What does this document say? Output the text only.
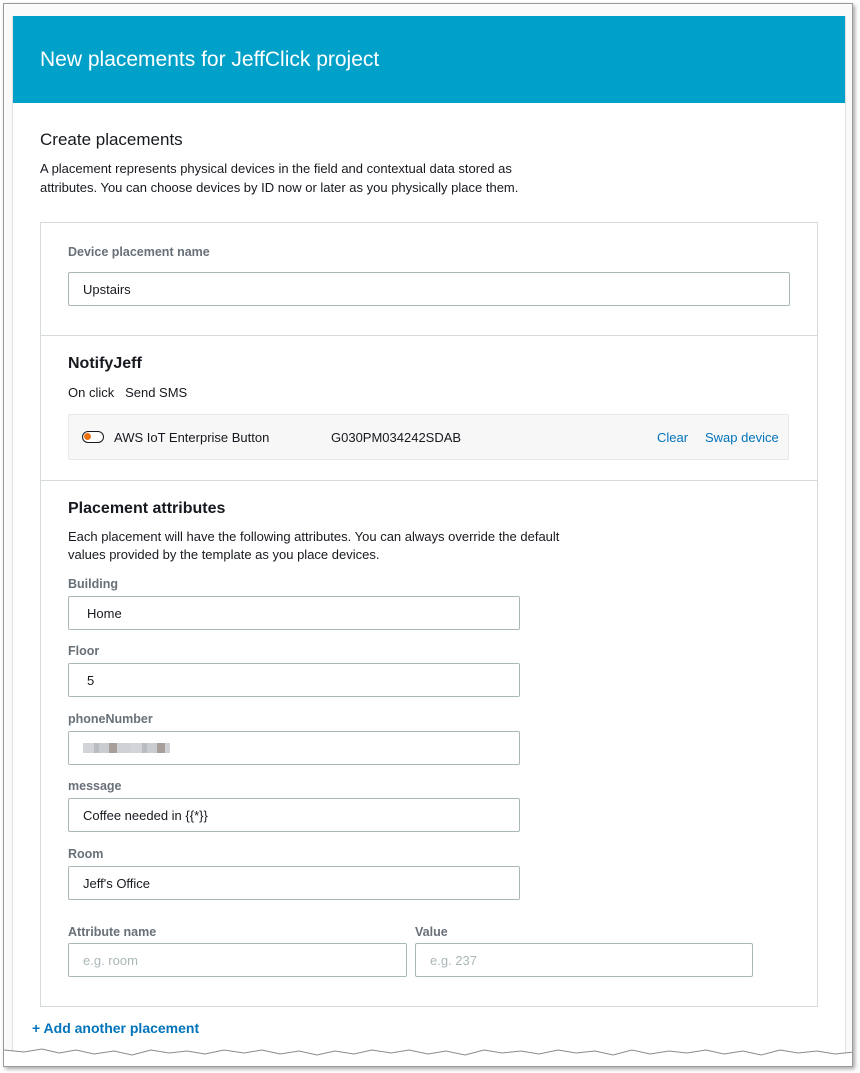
New placements for JeffClick project
Create placements
A placement represents physical devices in the field and contextual data stored as attributes. You can choose devices by ID now or later as you physically place them.
Device placement name
Upstairs
NotifyJeff
On click Send SMS
AWS IoT Enterprise Button	G030PM034242SDAB	Clear Swap device
Placement attributes
Each placement will have the following attributes. You can always override the default values provided by the template as you place devices.
Building
Home
Floor
5
phoneNumber
message
Coffee needed in {{*}}
Room
Jeff's Office
Attribute name
e.g. room
Value
e.g. 237
+ Add another placement
